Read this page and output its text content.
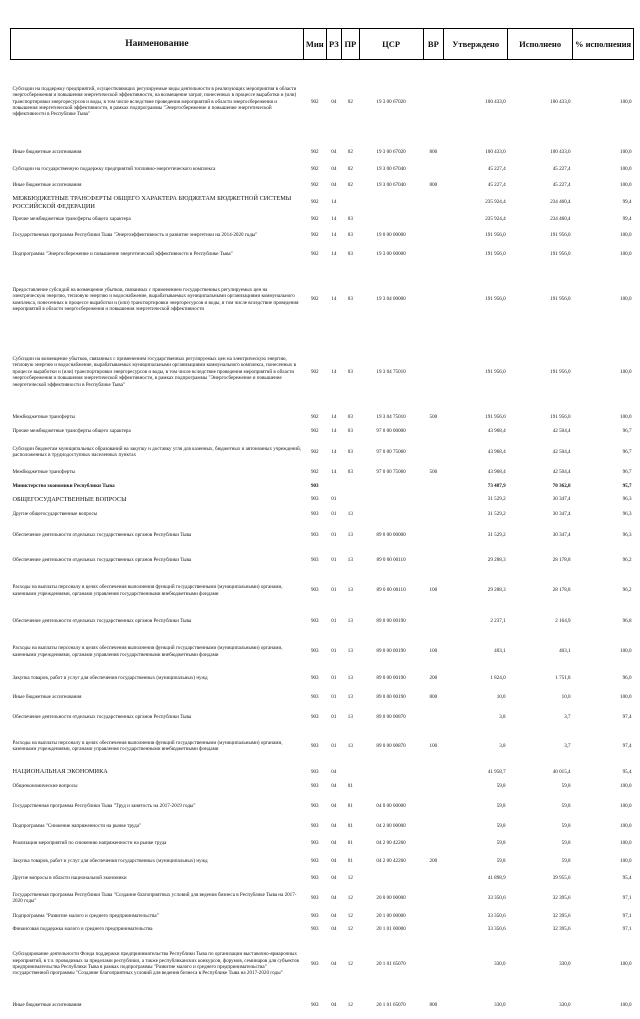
Наименование	Мин	РЗ	ПР	ЦСР	ВР	Утверждено	Исполнено	% исполнения
Субсидии на поддержку предприятий, осуществляющих регулируемые виды деятельности в реализующих мероприятия в области энергосбережения и повышения энергетической эффективности, на возмещение затрат, понесенных в процессе выработки и (или) транспортировки энергоресурсов и воды, в том числе вследствие проведения мероприятий в области энергосбережения и повышения энергетической эффективности, в рамках подпрограммы "Энергосбережение и повышение энергетической эффективности в Республике Тыва"	902	04	02	19 3 00 67020		100 433,0	100 433,0	100,0
Иные бюджетные ассигнования	902	04	02	19 3 00 67020	800	100 433,0	100 433,0	100,0
Субсидии на государственную поддержку предприятий топливно-энергетического комплекса	902	04	02	19 3 00 67040		45 227,4	45 227,4	100,0
Иные бюджетные ассигнования	902	04	02	19 3 00 67040	800	45 227,4	45 227,4	100,0
МЕЖБЮДЖЕТНЫЕ ТРАНСФЕРТЫ ОБЩЕГО ХАРАКТЕРА БЮДЖЕТАМ БЮДЖЕТНОЙ СИСТЕМЫ РОССИЙСКОЙ ФЕДЕРАЦИИ	902	14				235 924,4	234 460,4	99,4
Прочие межбюджетные трансферты общего характера	902	14	03			235 924,4	234 460,4	99,4
Государственная программа Республики Тыва "Энергоэффективность и развитие энергетики на 2014-2020 годы"	902	14	03	19 0 00 00000		191 956,0	191 956,0	100,0
Подпрограмма "Энергосбережение и повышение энергетической эффективности в Республике Тыва"	902	14	03	19 3 00 00000		191 956,0	191 956,0	100,0
Предоставление субсидий на возмещение убытков, связанных с применением государственных регулируемых цен на электрическую энергию, тепловую энергию и водоснабжение, вырабатываемых муниципальными организациями коммунального комплекса, понесенных в процессе выработки и (или) транспортировки энергоресурсов и воды, в том числе вследствие проведения мероприятий в области энергосбережения и повышения энергетической эффективности	902	14	03	19 3 04 00000		191 956,0	191 956,0	100,0
Субсидии на возмещение убытков, связанных с применением государственных регулируемых цен на электрическую энергию, тепловую энергию и водоснабжение, вырабатываемых муниципальными организациями коммунального комплекса, понесенных в процессе выработки и (или) транспортировки энергоресурсов и воды, в том числе вследствие проведения мероприятий в области энергосбережения и повышения энергетической эффективности, в рамках подпрограммы "Энергосбережение и повышение энергетической эффективности в Республике Тыва"	902	14	03	19 3 04 75010		191 956,0	191 956,0	100,0
Межбюджетные трансферты	902	14	03	19 3 04 75010	500	191 956,0	191 956,0	100,0
Прочие межбюджетные трансферты общего характера	902	14	03	97 0 00 00000		43 968,4	42 504,4	96,7
Субсидии бюджетам муниципальных образований на закупку и доставку угля для казенных, бюджетных и автономных учреждений, расположенных в труднодоступных населенных пунктах	902	14	03	97 0 00 75060		43 968,4	42 504,4	96,7
Межбюджетные трансферты	902	14	03	97 0 00 75060	500	43 968,4	42 504,4	96,7
Министерство экономики Республики Тыва	903					73 487,9	70 362,8	95,7
ОБЩЕГОСУДАРСТВЕННЫЕ ВОПРОСЫ	903	01				31 529,2	30 347,4	96,3
Другие общегосударственные вопросы	903	01	13			31 529,2	30 347,4	96,3
Обеспечение деятельности отдельных государственных органов Республики Тыва	903	01	13	89 0 00 00000		31 529,2	30 347,4	96,3
Обеспечение деятельности отдельных государственных органов Республики Тыва	903	01	13	89 0 00 00110		29 288,3	28 178,8	96,2
Расходы на выплаты персоналу в целях обеспечения выполнения функций государственными (муниципальными) органами, казенными учреждениями, органами управления государственными внебюджетными фондами	903	01	13	89 0 00 00110	100	29 288,3	28 178,8	96,2
Обеспечение деятельности отдельных государственных органов Республики Тыва	903	01	13	89 0 00 00190		2 237,1	2 164,9	96,8
Расходы на выплаты персоналу в целях обеспечения выполнения функций государственными (муниципальными) органами, казенными учреждениями, органами управления государственными внебюджетными фондами	903	01	13	89 0 00 00190	100	403,1	403,1	100,0
Закупка товаров, работ и услуг для обеспечения государственных (муниципальных) нужд	903	01	13	89 0 00 00190	200	1 824,0	1 751,8	96,0
Иные бюджетные ассигнования	903	01	13	89 0 00 00190	800	10,0	10,0	100,0
Обеспечение деятельности отдельных государственных органов Республики Тыва	903	01	13	89 0 00 00870		3,8	3,7	97,4
Расходы на выплаты персоналу в целях обеспечения выполнения функций государственными (муниципальными) органами, казенными учреждениями, органами управления государственными внебюджетными фондами	903	01	13	89 0 00 00870	100	3,8	3,7	97,4
НАЦИОНАЛЬНАЯ ЭКОНОМИКА	903	04				41 958,7	40 015,4	95,4
Общеэкономические вопросы	903	04	01			59,8	59,8	100,0
Государственная программа Республики Тыва "Труд и занятость на 2017-2019 годы"	903	04	01	04 0 00 00000		59,8	59,8	100,0
Подпрограмма "Снижение напряженности на рынке труда"	903	04	01	04 2 00 00000		59,8	59,8	100,0
Реализация мероприятий по снижению напряженности на рынке труда	903	04	01	04 2 00 42260		59,8	59,8	100,0
Закупка товаров, работ и услуг для обеспечения государственных (муниципальных) нужд	903	04	01	04 2 00 42260	200	59,8	59,8	100,0
Другие вопросы в области национальной экономики	903	04	12			41 898,9	39 955,6	95,4
Государственная программа Республики Тыва "Создание благоприятных условий для ведения бизнеса в Республике Тыва на 2017-2020 годы"	903	04	12	20 0 00 00000		33 350,6	32 395,6	97,1
Подпрограмма "Развитие малого и среднего предпринимательства"	903	04	12	20 1 00 00000		33 350,6	32 395,6	97,1
Финансовая поддержка малого и среднего предпринимательства	903	04	12	20 1 01 00000		33 350,6	32 395,6	97,1
Субсидирование деятельности Фонда поддержки предпринимательства Республики Тыва по организации выставочно-ярмарочных мероприятий, в т.ч. проводимых за пределами республики, а также республиканских конкурсов, форумов, семинаров для субъектов предпринимательства Республики Тыва в рамках подпрограммы "Развитие малого и среднего предпринимательства" государственной программы "Создание благоприятных условий для ведения бизнеса в Республике Тыва на 2017-2020 годы"	903	04	12	20 1 01 65070		330,0	330,0	100,0
Иные бюджетные ассигнования	903	04	12	20 1 01 65070	800	330,0	330,0	100,0
